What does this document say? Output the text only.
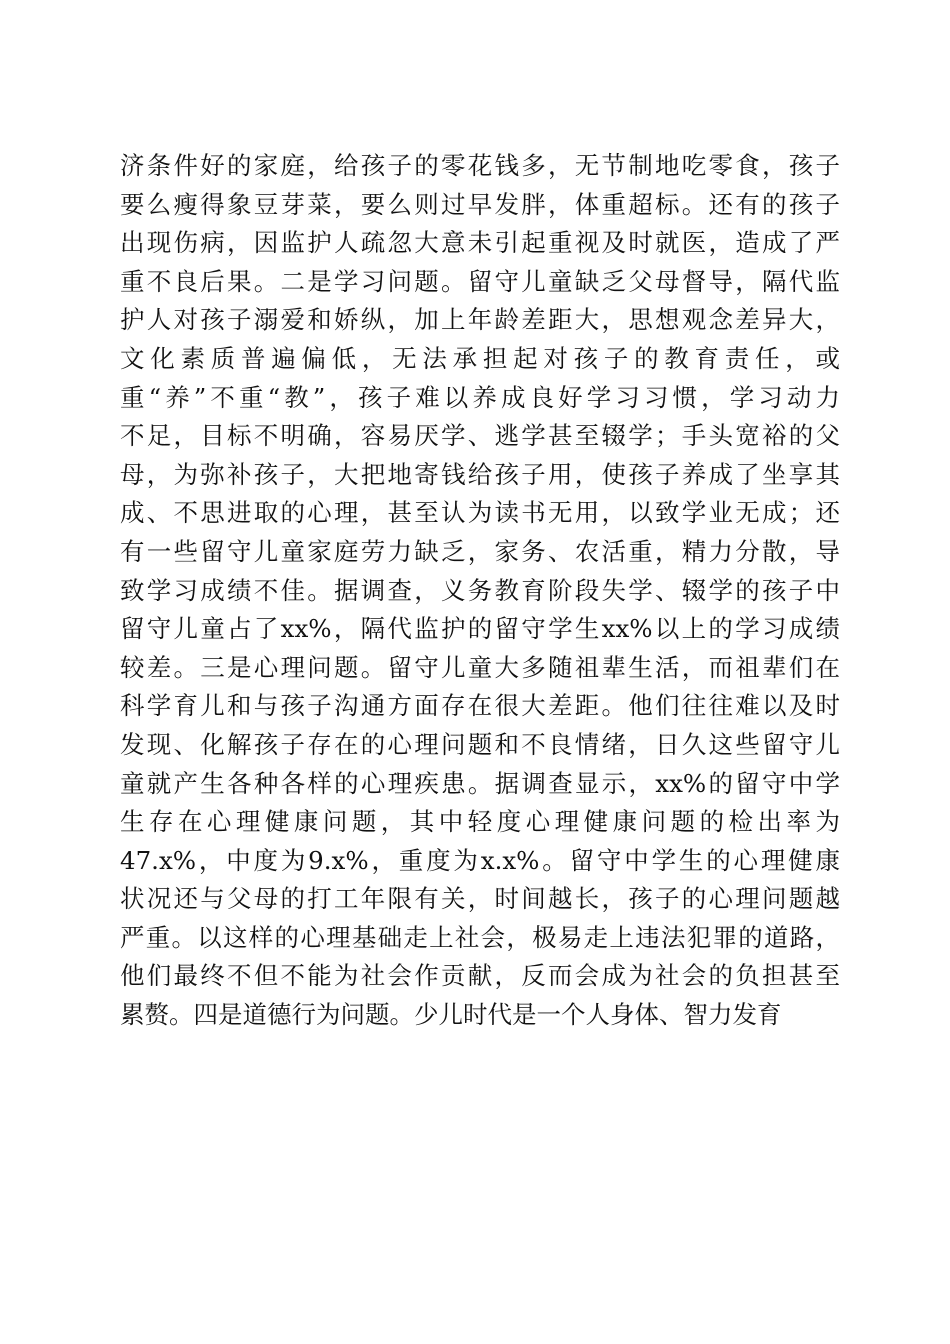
济条件好的家庭，给孩子的零花钱多，无节制地吃零食，孩子
要么瘦得象豆芽菜，要么则过早发胖，体重超标。还有的孩子
出现伤病，因监护人疏忽大意未引起重视及时就医，造成了严
重不良后果。二是学习问题。留守儿童缺乏父母督导，隔代监
护人对孩子溺爱和娇纵，加上年龄差距大，思想观念差异大，
文化素质普遍偏低，无法承担起对孩子的教育责任，或
重“养”不重“教”，孩子难以养成良好学习习惯，学习动力
不足，目标不明确，容易厌学、逃学甚至辍学；手头宽裕的父
母，为弥补孩子，大把地寄钱给孩子用，使孩子养成了坐享其
成、不思进取的心理，甚至认为读书无用，以致学业无成；还
有一些留守儿童家庭劳力缺乏，家务、农活重，精力分散，导
致学习成绩不佳。据调查，义务教育阶段失学、辍学的孩子中
留守儿童占了xx%，隔代监护的留守学生xx%以上的学习成绩
较差。三是心理问题。留守儿童大多随祖辈生活，而祖辈们在
科学育儿和与孩子沟通方面存在很大差距。他们往往难以及时
发现、化解孩子存在的心理问题和不良情绪，日久这些留守儿
童就产生各种各样的心理疾患。据调查显示，xx%的留守中学
生存在心理健康问题，其中轻度心理健康问题的检出率为
47.x%，中度为9.x%，重度为x.x%。留守中学生的心理健康
状况还与父母的打工年限有关，时间越长，孩子的心理问题越
严重。以这样的心理基础走上社会，极易走上违法犯罪的道路，
他们最终不但不能为社会作贡献，反而会成为社会的负担甚至
累赘。四是道德行为问题。少儿时代是一个人身体、智力发育
